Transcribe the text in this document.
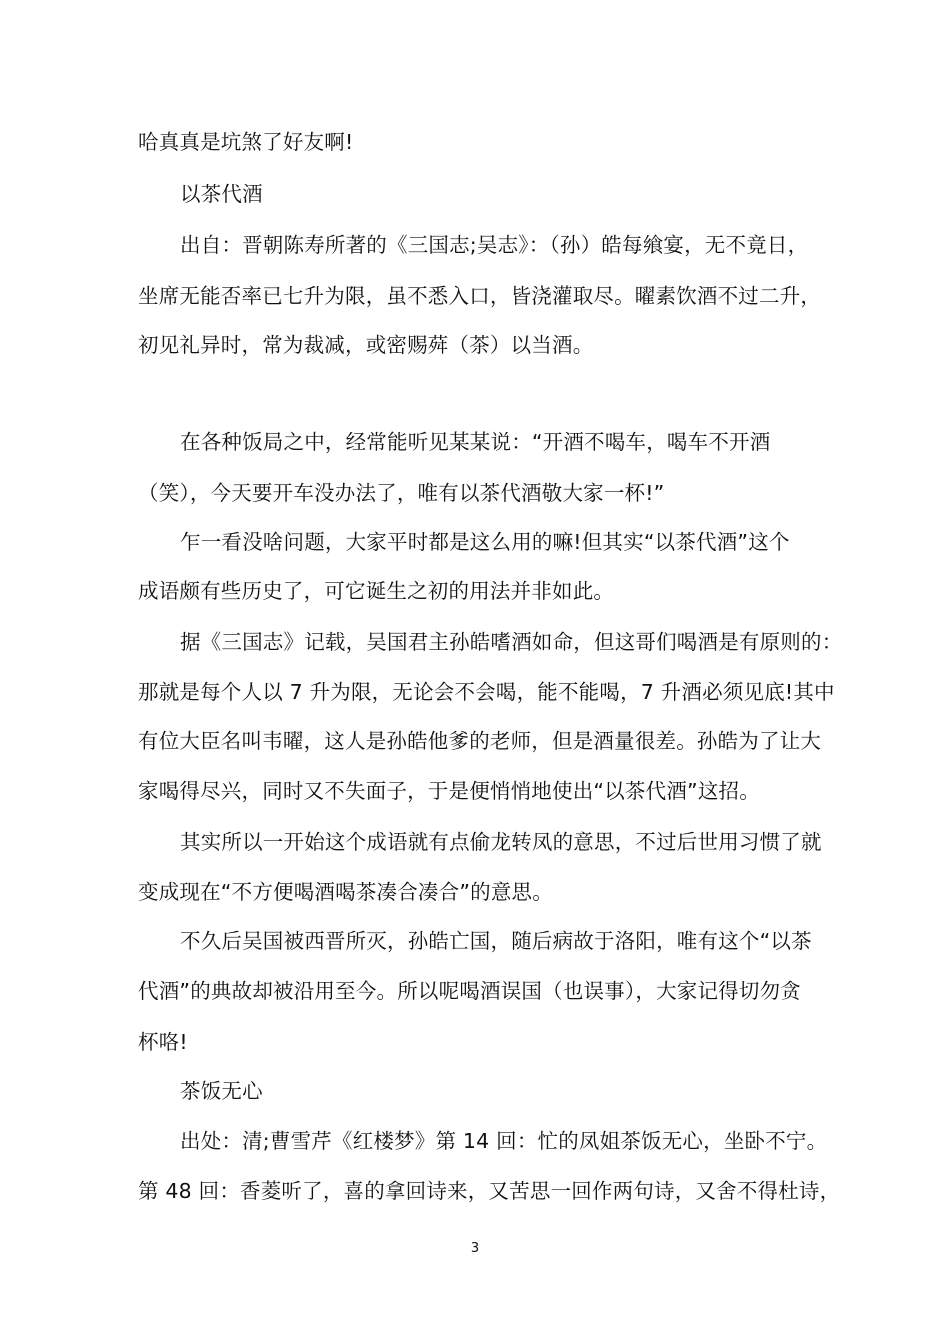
哈真真是坑煞了好友啊!
以茶代酒
出自：晋朝陈寿所著的《三国志;吴志》：（孙）皓每飨宴，无不竟日，
坐席无能否率已七升为限，虽不悉入口，皆浇灌取尽。曜素饮酒不过二升，
初见礼异时，常为裁减，或密赐荈（茶）以当酒。
在各种饭局之中，经常能听见某某说：“开酒不喝车，喝车不开酒
（笑），今天要开车没办法了，唯有以茶代酒敬大家一杯!”
乍一看没啥问题，大家平时都是这么用的嘛!但其实“以茶代酒”这个
成语颇有些历史了，可它诞生之初的用法并非如此。
据《三国志》记载，吴国君主孙皓嗜酒如命，但这哥们喝酒是有原则的：
那就是每个人以 7 升为限，无论会不会喝，能不能喝，7 升酒必须见底!其中
有位大臣名叫韦曜，这人是孙皓他爹的老师，但是酒量很差。孙皓为了让大
家喝得尽兴，同时又不失面子，于是便悄悄地使出“以茶代酒”这招。
其实所以一开始这个成语就有点偷龙转凤的意思，不过后世用习惯了就
变成现在“不方便喝酒喝茶凑合凑合”的意思。
不久后吴国被西晋所灭，孙皓亡国，随后病故于洛阳，唯有这个“以茶
代酒”的典故却被沿用至今。所以呢喝酒误国（也误事），大家记得切勿贪
杯咯!
茶饭无心
出处：清;曹雪芹《红楼梦》第 14 回：忙的凤姐茶饭无心，坐卧不宁。
第 48 回：香菱听了，喜的拿回诗来，又苦思一回作两句诗，又舍不得杜诗，
3
